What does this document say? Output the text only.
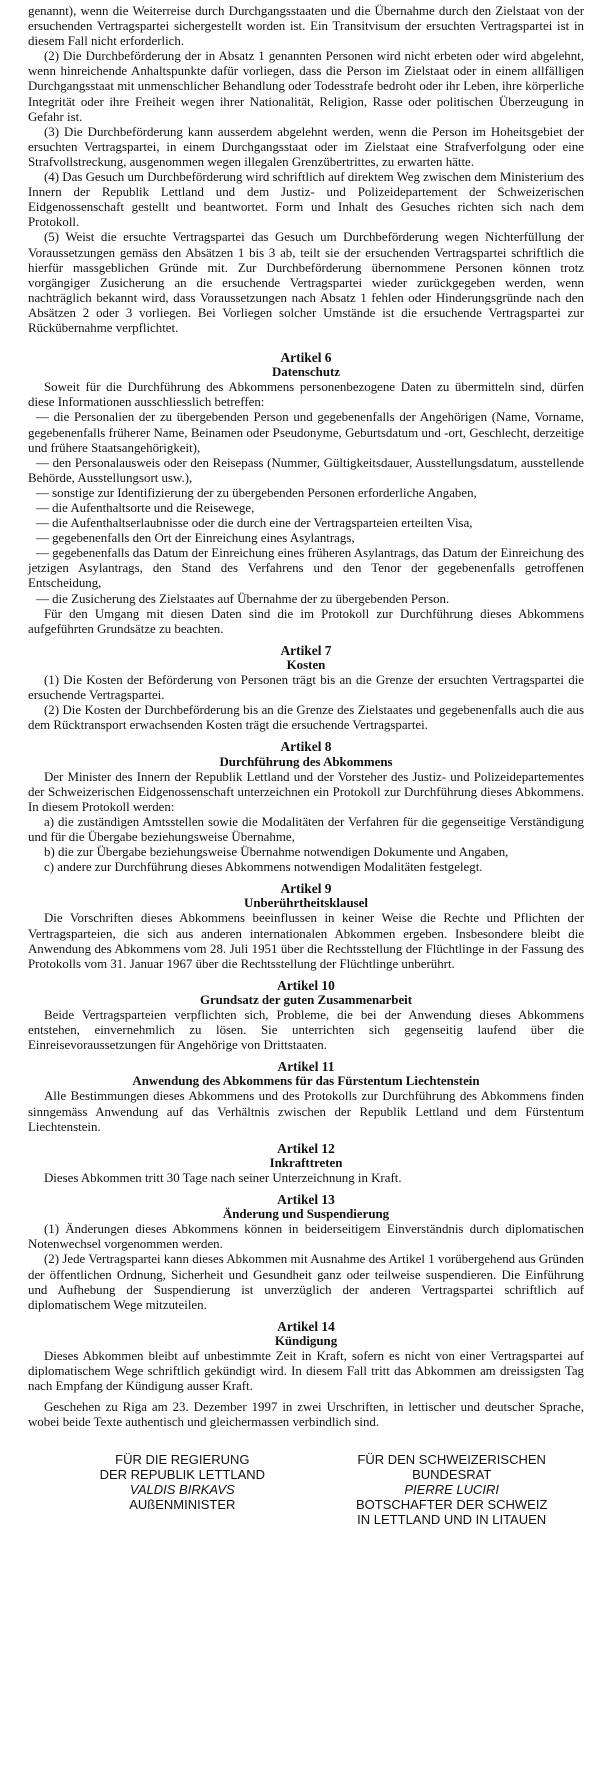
genannt), wenn die Weiterreise durch Durchgangsstaaten und die Übernahme durch den Zielstaat von der ersuchenden Vertragspartei sichergestellt worden ist. Ein Transitvisum der ersuchten Vertragspartei ist in diesem Fall nicht erforderlich.

(2) Die Durchbeförderung der in Absatz 1 genannten Personen wird nicht erbeten oder wird abgelehnt, wenn hinreichende Anhaltspunkte dafür vorliegen, dass die Person im Zielstaat oder in einem allfälligen Durchgangsstaat mit unmenschlicher Behandlung oder Todesstrafe bedroht oder ihr Leben, ihre körperliche Integrität oder ihre Freiheit wegen ihrer Nationalität, Religion, Rasse oder politischen Überzeugung in Gefahr ist.

(3) Die Durchbeförderung kann ausserdem abgelehnt werden, wenn die Person im Hoheitsgebiet der ersuchten Vertragspartei, in einem Durchgangsstaat oder im Zielstaat eine Strafverfolgung oder eine Strafvollstreckung, ausgenommen wegen illegalen Grenzübertrittes, zu erwarten hätte.

(4) Das Gesuch um Durchbeförderung wird schriftlich auf direktem Weg zwischen dem Ministerium des Innern der Republik Lettland und dem Justiz- und Polizeidepartement der Schweizerischen Eidgenossenschaft gestellt und beantwortet. Form und Inhalt des Gesuches richten sich nach dem Protokoll.

(5) Weist die ersuchte Vertragspartei das Gesuch um Durchbeförderung wegen Nichterfüllung der Voraussetzungen gemäss den Absätzen 1 bis 3 ab, teilt sie der ersuchenden Vertragspartei schriftlich die hierfür massgeblichen Gründe mit. Zur Durchbeförderung übernommene Personen können trotz vorgängiger Zusicherung an die ersuchende Vertragspartei wieder zurückgegeben werden, wenn nachträglich bekannt wird, dass Voraussetzungen nach Absatz 1 fehlen oder Hinderungsgründe nach den Absätzen 2 oder 3 vorliegen. Bei Vorliegen solcher Umstände ist die ersuchende Vertragspartei zur Rückübernahme verpflichtet.

Artikel 6
Datenschutz

Soweit für die Durchführung des Abkommens personenbezogene Daten zu übermitteln sind, dürfen diese Informationen ausschliesslich betreffen:

— die Personalien der zu übergebenden Person und gegebenenfalls der Angehörigen (Name, Vorname, gegebenenfalls früherer Name, Beinamen oder Pseudonyme, Geburtsdatum und -ort, Geschlecht, derzeitige und frühere Staatsangehörigkeit),

— den Personalausweis oder den Reisepass (Nummer, Gültigkeitsdauer, Ausstellungsdatum, ausstellende Behörde, Ausstellungsort usw.),

— sonstige zur Identifizierung der zu übergebenden Personen erforderliche Angaben,

— die Aufenthaltsorte und die Reisewege,

— die Aufenthaltserlaubnisse oder die durch eine der Vertragsparteien erteilten Visa,

— gegebenenfalls den Ort der Einreichung eines Asylantrags,

— gegebenenfalls das Datum der Einreichung eines früheren Asylantrags, das Datum der Einreichung des jetzigen Asylantrags, den Stand des Verfahrens und den Tenor der gegebenenfalls getroffenen Entscheidung,

— die Zusicherung des Zielstaates auf Übernahme der zu übergebenden Person.

Für den Umgang mit diesen Daten sind die im Protokoll zur Durchführung dieses Abkommens aufgeführten Grundsätze zu beachten.

Artikel 7
Kosten

(1) Die Kosten der Beförderung von Personen trägt bis an die Grenze der ersuchten Vertragspartei die ersuchende Vertragspartei.

(2) Die Kosten der Durchbeförderung bis an die Grenze des Zielstaates und gegebenenfalls auch die aus dem Rücktransport erwachsenden Kosten trägt die ersuchende Vertragspartei.

Artikel 8
Durchführung des Abkommens

Der Minister des Innern der Republik Lettland und der Vorsteher des Justiz- und Polizeidepartementes der Schweizerischen Eidgenossenschaft unterzeichnen ein Protokoll zur Durchführung dieses Abkommens. In diesem Protokoll werden:

a) die zuständigen Amtsstellen sowie die Modalitäten der Verfahren für die gegenseitige Verständigung und für die Übergabe beziehungsweise Übernahme,

b) die zur Übergabe beziehungsweise Übernahme notwendigen Dokumente und Angaben,

c) andere zur Durchführung dieses Abkommens notwendigen Modalitäten festgelegt.

Artikel 9
Unberührtheitsklausel

Die Vorschriften dieses Abkommens beeinflussen in keiner Weise die Rechte und Pflichten der Vertragsparteien, die sich aus anderen internationalen Abkommen ergeben. Insbesondere bleibt die Anwendung des Abkommens vom 28. Juli 1951 über die Rechtsstellung der Flüchtlinge in der Fassung des Protokolls vom 31. Januar 1967 über die Rechtsstellung der Flüchtlinge unberührt.

Artikel 10
Grundsatz der guten Zusammenarbeit

Beide Vertragsparteien verpflichten sich, Probleme, die bei der Anwendung dieses Abkommens entstehen, einvernehmlich zu lösen. Sie unterrichten sich gegenseitig laufend über die Einreisevoraussetzungen für Angehörige von Drittstaaten.

Artikel 11
Anwendung des Abkommens für das Fürstentum Liechtenstein

Alle Bestimmungen dieses Abkommens und des Protokolls zur Durchführung des Abkommens finden sinngemäss Anwendung auf das Verhältnis zwischen der Republik Lettland und dem Fürstentum Liechtenstein.

Artikel 12
Inkrafttreten

Dieses Abkommen tritt 30 Tage nach seiner Unterzeichnung in Kraft.

Artikel 13
Änderung und Suspendierung

(1) Änderungen dieses Abkommens können in beiderseitigem Einverständnis durch diplomatischen Notenwechsel vorgenommen werden.

(2) Jede Vertragspartei kann dieses Abkommen mit Ausnahme des Artikel 1 vorübergehend aus Gründen der öffentlichen Ordnung, Sicherheit und Gesundheit ganz oder teilweise suspendieren. Die Einführung und Aufhebung der Suspendierung ist unverzüglich der anderen Vertragspartei schriftlich auf diplomatischem Wege mitzuteilen.

Artikel 14
Kündigung

Dieses Abkommen bleibt auf unbestimmte Zeit in Kraft, sofern es nicht von einer Vertragspartei auf diplomatischem Wege schriftlich gekündigt wird. In diesem Fall tritt das Abkommen am dreissigsten Tag nach Empfang der Kündigung ausser Kraft.

Geschehen zu Riga am 23. Dezember 1997 in zwei Urschriften, in lettischer und deutscher Sprache, wobei beide Texte authentisch und gleichermassen verbindlich sind.

FÜR DIE REGIERUNG
DER REPUBLIK LETTLAND
VALDIS BIRKAVS
AUßENMINISTER
FÜR DEN SCHWEIZERISCHEN
BUNDESRAT
PIERRE LUCIRI
BOTSCHAFTER DER SCHWEIZ
IN LETTLAND UND IN LITAUEN
